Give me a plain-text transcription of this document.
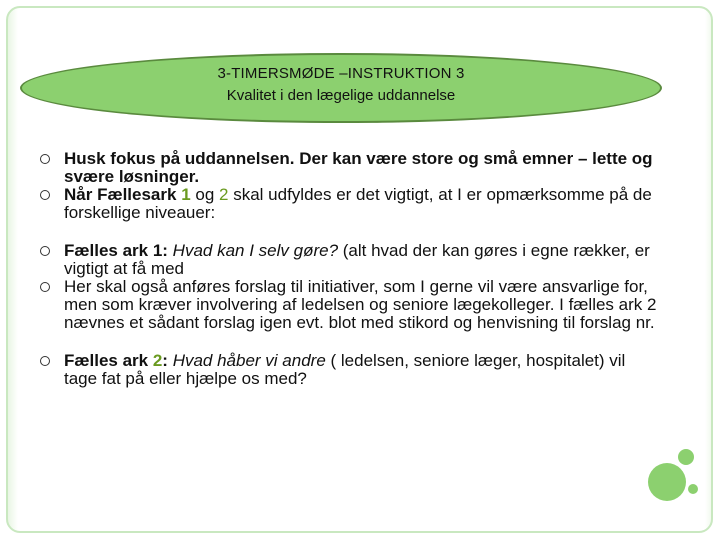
3-TIMERSMØDE –INSTRUKTION 3
Kvalitet i den lægelige uddannelse
Husk fokus på uddannelsen. Der kan være store og små emner – lette og svære løsninger.
Når Fællesark 1 og 2 skal udfyldes er det vigtigt, at I er opmærksomme på de forskellige niveauer:
Fælles ark 1: Hvad kan I selv gøre? (alt hvad der kan gøres i egne rækker, er vigtigt at få med
Her skal også anføres forslag til initiativer, som I gerne vil være ansvarlige for, men som kræver involvering af ledelsen og seniore lægekolleger. I fælles ark 2 nævnes et sådant forslag igen evt. blot med stikord og henvisning til forslag nr.
Fælles ark 2: Hvad håber vi andre ( ledelsen, seniore læger, hospitalet) vil tage fat på eller hjælpe os med?
